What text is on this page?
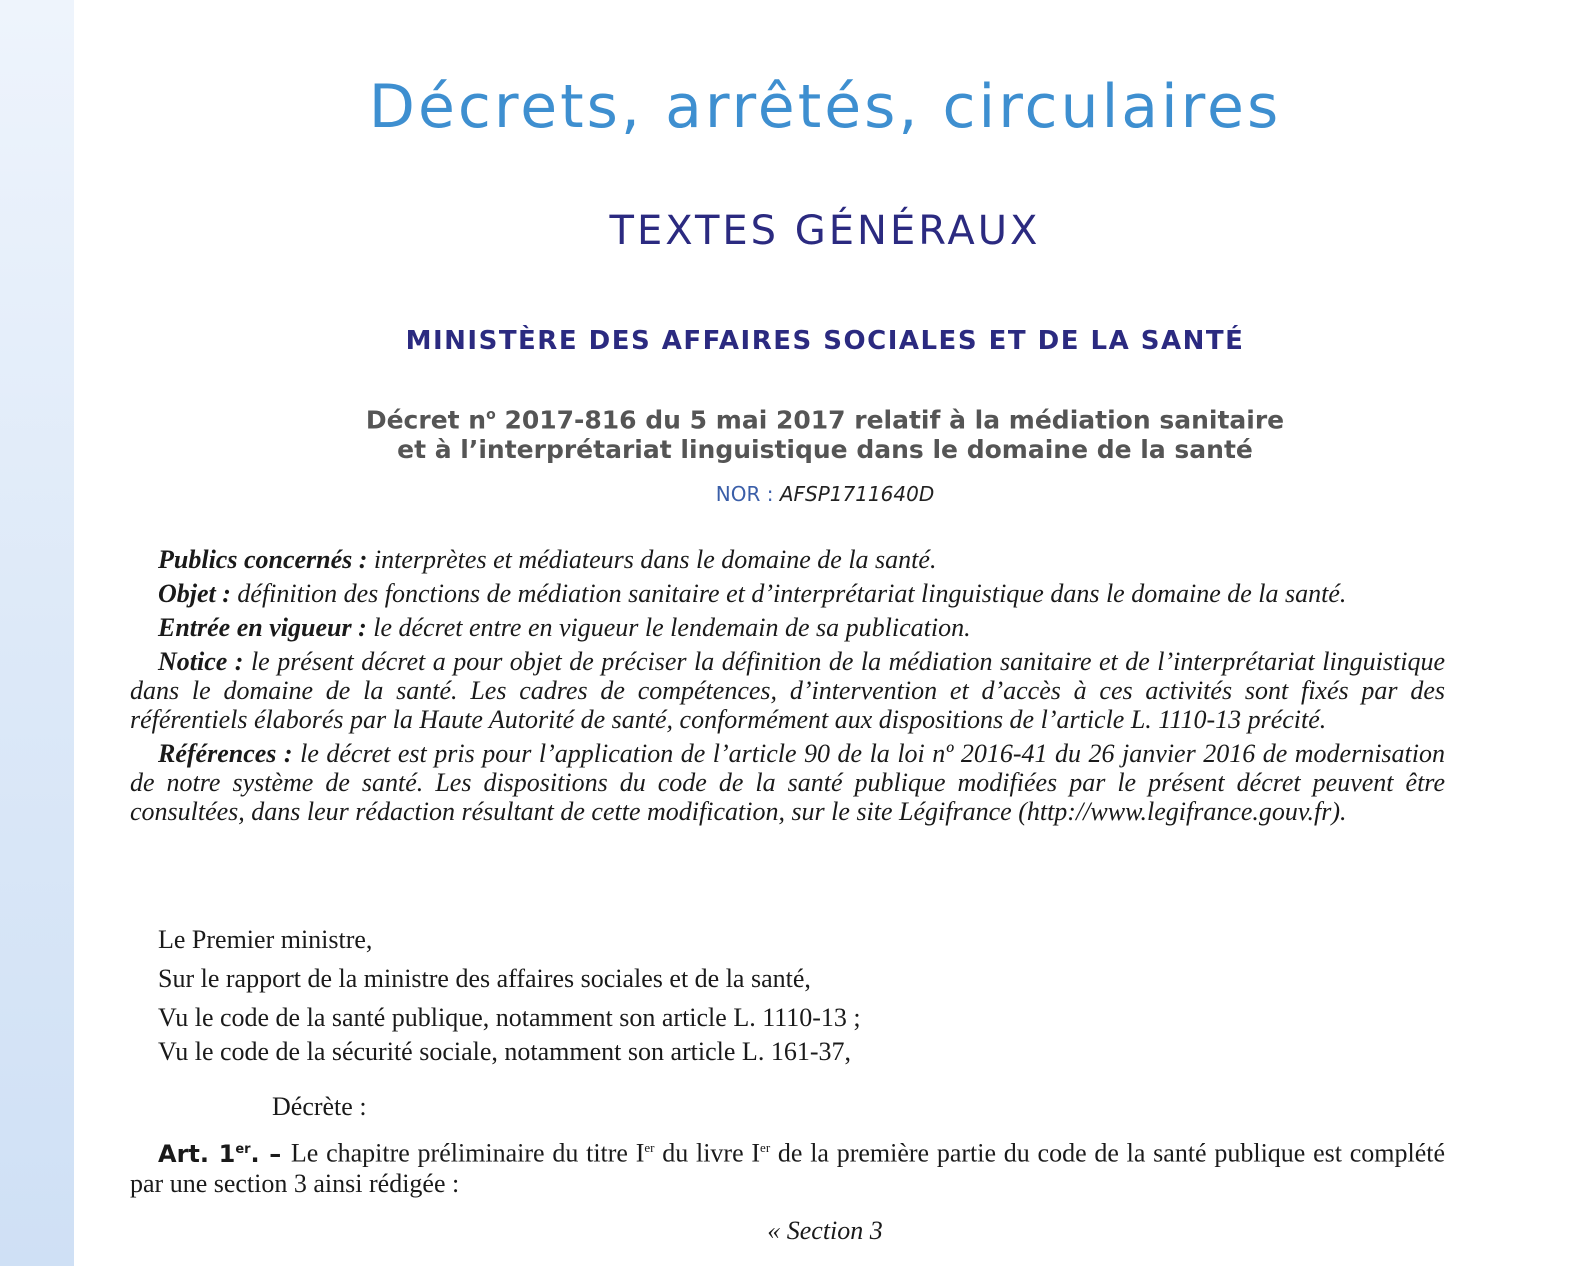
Décrets, arrêtés, circulaires
TEXTES GÉNÉRAUX
MINISTÈRE DES AFFAIRES SOCIALES ET DE LA SANTÉ
Décret $n^o$ 2017-816 du 5 mai 2017 relatif à la médiation sanitaire
et à l’interprétariat linguistique dans le domaine de la santé
NOR : AFSP1711640D

Publics concernés : interprètes et médiateurs dans le domaine de la santé.

Objet : définition des fonctions de médiation sanitaire et d’interprétariat linguistique dans le domaine de la santé.

Entrée en vigueur : le décret entre en vigueur le lendemain de sa publication.

Notice : le présent décret a pour objet de préciser la définition de la médiation sanitaire et de l’interprétariat linguistique dans le domaine de la santé. Les cadres de compétences, d’intervention et d’accès à ces activités sont fixés par des référentiels élaborés par la Haute Autorité de santé, conformément aux dispositions de l’article L. 1110-13 précité.

Références : le décret est pris pour l’application de l’article 90 de la loi nº 2016-41 du 26 janvier 2016 de modernisation de notre système de santé. Les dispositions du code de la santé publique modifiées par le présent décret peuvent être consultées, dans leur rédaction résultant de cette modification, sur le site Légifrance (http://www.legifrance.gouv.fr).

Le Premier ministre,

Sur le rapport de la ministre des affaires sociales et de la santé,

Vu le code de la santé publique, notamment son article L. 1110-13 ;

Vu le code de la sécurité sociale, notamment son article L. 161-37,

Décrète :
Art. 1er. – Le chapitre préliminaire du titre Ier du livre Ier de la première partie du code de la santé publique est complété par une section 3 ainsi rédigée :
« Section 3
